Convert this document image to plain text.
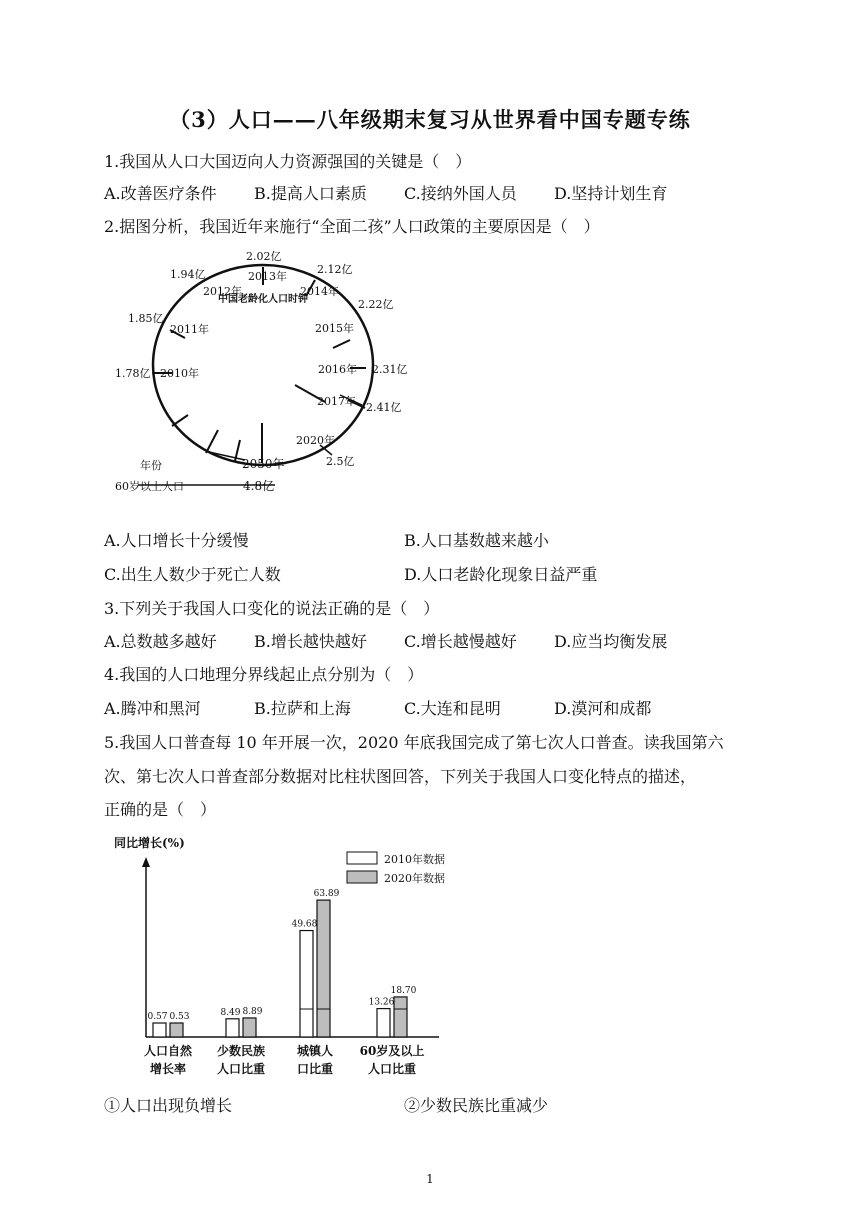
（3）人口——八年级期末复习从世界看中国专题专练
1.我国从人口大国迈向人力资源强国的关键是（　）
A.改善医疗条件 B.提高人口素质 C.接纳外国人员 D.坚持计划生育
2.据图分析，我国近年来施行“全面二孩”人口政策的主要原因是（　）
中国老龄化人口时钟
2010年
2011年
2012年
2013年
2014年
2015年
2016年
2017年
2020年
2050年
1.78亿
1.85亿
1.94亿
2.02亿
2.12亿
2.22亿
2.31亿
2.41亿
2.5亿
4.8亿
年份
60岁以上人口
A.人口增长十分缓慢	B.人口基数越来越小
C.出生人数少于死亡人数	D.人口老龄化现象日益严重
3.下列关于我国人口变化的说法正确的是（　）
A.总数越多越好 B.增长越快越好 C.增长越慢越好 D.应当均衡发展
4.我国的人口地理分界线起止点分别为（　）
A.腾冲和黑河	B.拉萨和上海	C.大连和昆明	D.漠河和成都
5.我国人口普查每 10 年开展一次，2020 年底我国完成了第七次人口普查。读我国第六
次、第七次人口普查部分数据对比柱状图回答，下列关于我国人口变化特点的描述，
正确的是（　）
同比增长(%)
2010年数据
2020年数据
0.57 0.53
人口自然
增长率
8.49 8.89
少数民族
人口比重
49.68
63.89
城镇人
口比重
13.26
18.70
60岁及以上
人口比重
①人口出现负增长	②少数民族比重减少
1
